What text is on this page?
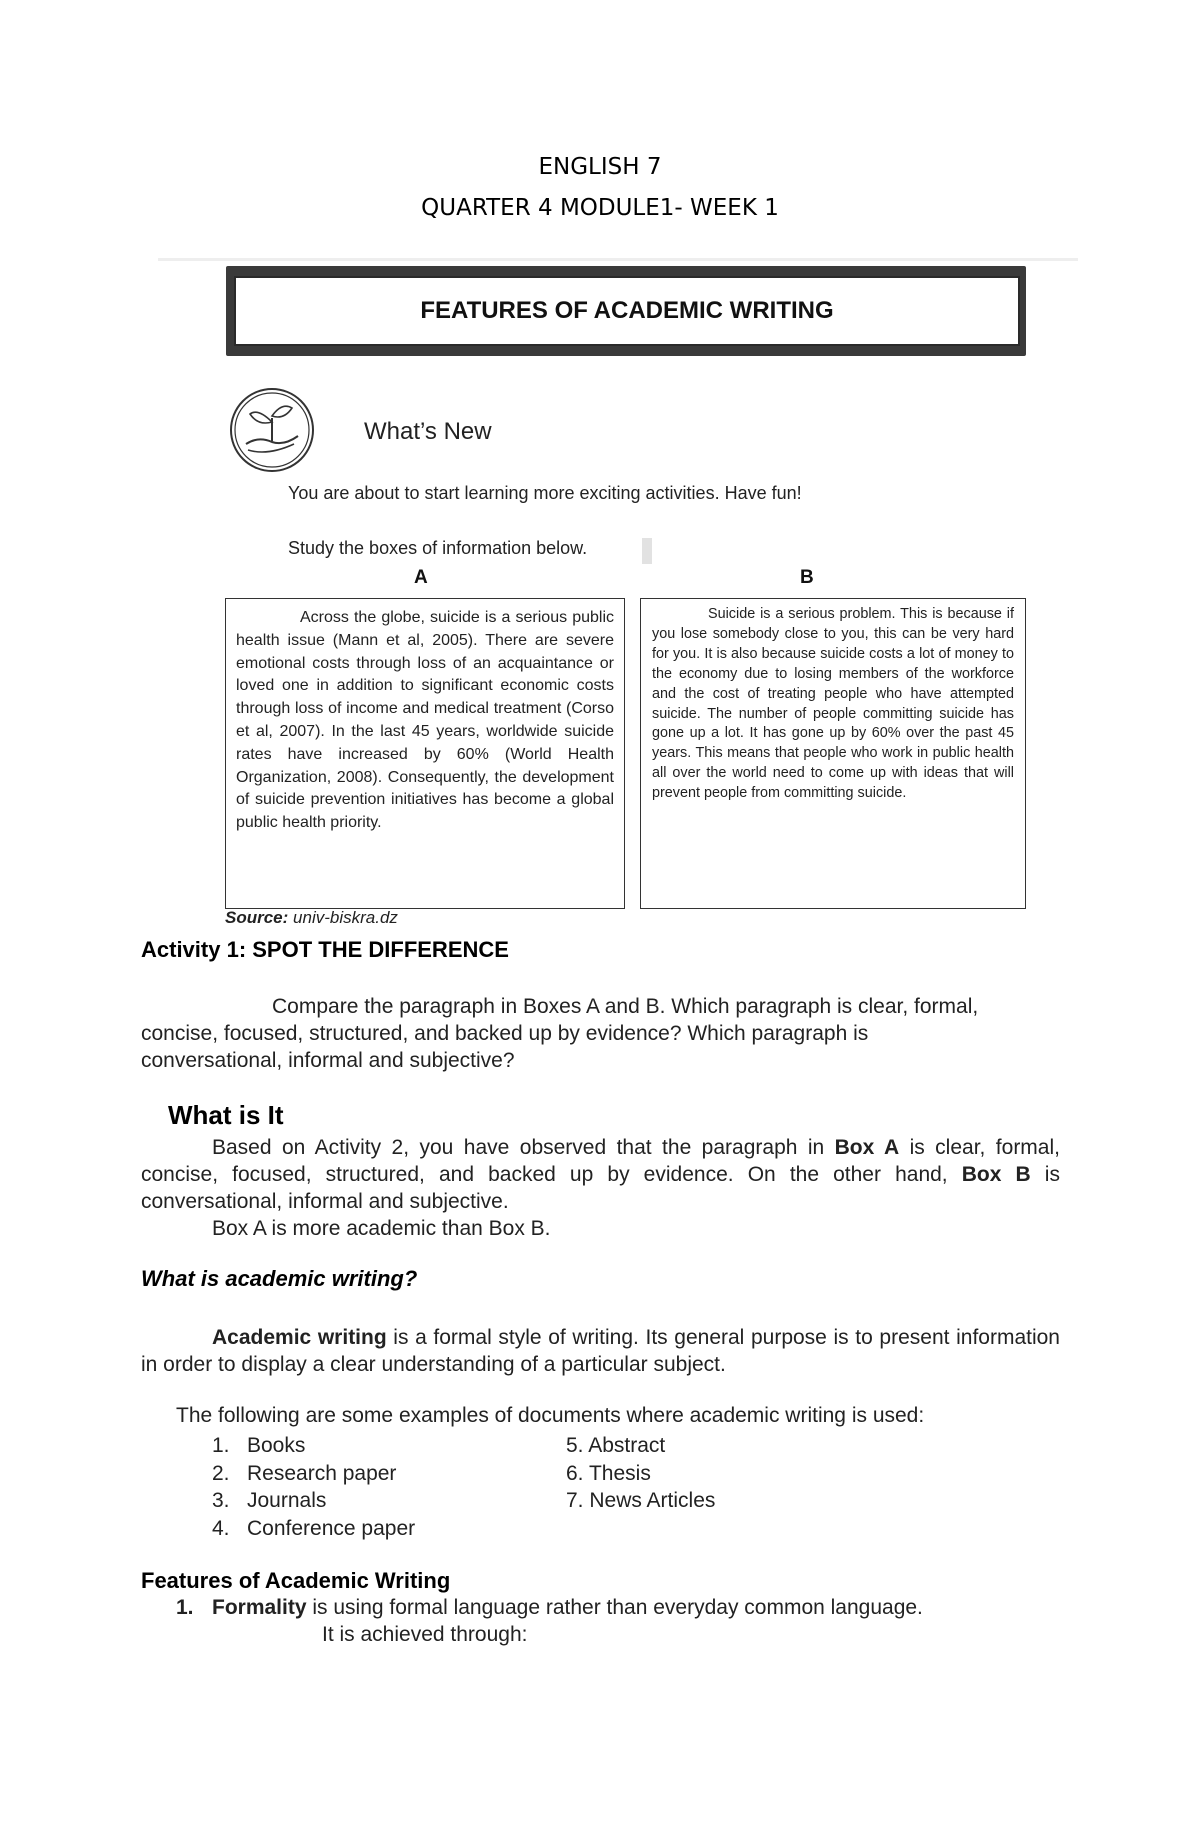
ENGLISH 7
QUARTER 4 MODULE1- WEEK 1
FEATURES OF ACADEMIC WRITING
What’s New
You are about to start learning more exciting activities. Have fun!
Study the boxes of information below.
A	B
Across the globe, suicide is a serious public health issue (Mann et al, 2005). There are severe emotional costs through loss of an acquaintance or loved one in addition to significant economic costs through loss of income and medical treatment (Corso et al, 2007). In the last 45 years, worldwide suicide rates have increased by 60% (World Health Organization, 2008). Consequently, the development of suicide prevention initiatives has become a global public health priority.
Suicide is a serious problem. This is because if you lose somebody close to you, this can be very hard for you. It is also because suicide costs a lot of money to the economy due to losing members of the workforce and the cost of treating people who have attempted suicide. The number of people committing suicide has gone up a lot. It has gone up by 60% over the past 45 years. This means that people who work in public health all over the world need to come up with ideas that will prevent people from committing suicide.
Source: univ-biskra.dz
Activity 1: SPOT THE DIFFERENCE

Compare the paragraph in Boxes A and B. Which paragraph is clear, formal, concise, focused, structured, and backed up by evidence? Which paragraph is conversational, informal and subjective?

What is It

Based on Activity 2, you have observed that the paragraph in Box A is clear, formal, concise, focused, structured, and backed up by evidence. On the other hand, Box B is conversational, informal and subjective.

Box A is more academic than Box B.

What is academic writing?

Academic writing is a formal style of writing. Its general purpose is to present information in order to display a clear understanding of a particular subject.

The following are some examples of documents where academic writing is used:
1. Books
2. Research paper
3. Journals
4. Conference paper
5. Abstract
6. Thesis
7. News Articles
Features of Academic Writing
1. Formality is using formal language rather than everyday common language.
It is achieved through:
